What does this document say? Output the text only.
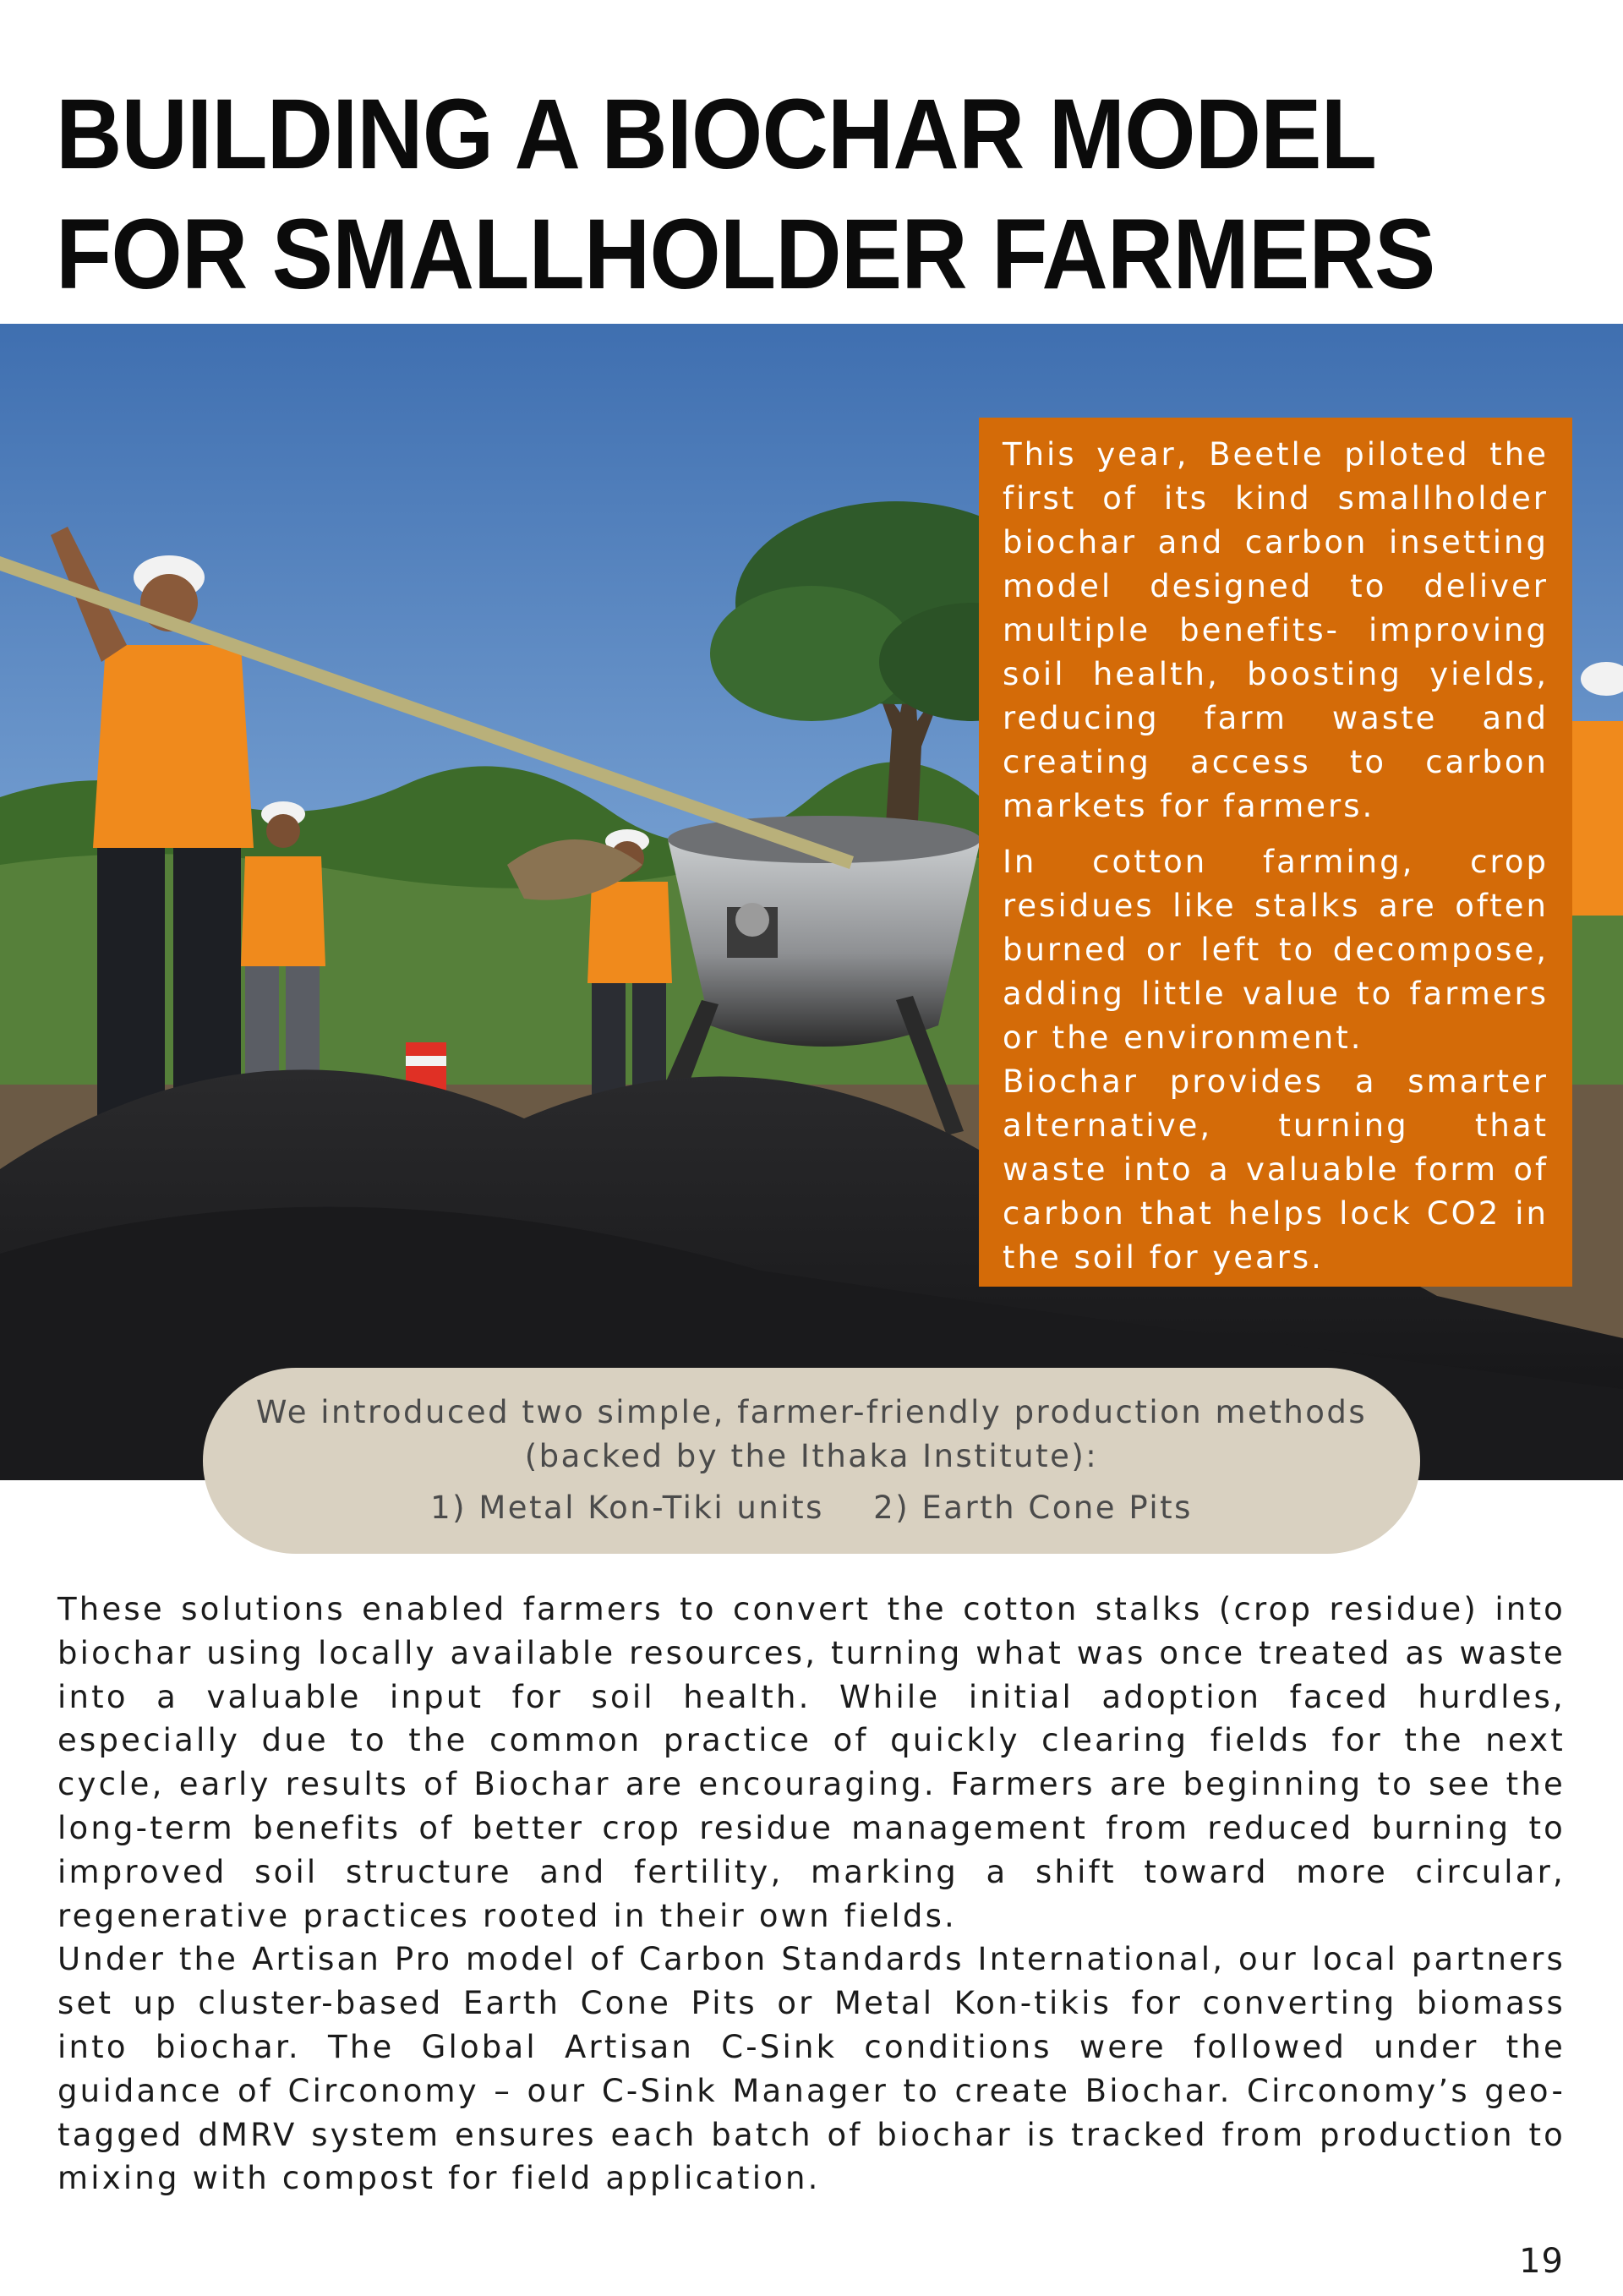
BUILDING A BIOCHAR MODEL
FOR SMALLHOLDER FARMERS

This year, Beetle piloted the first of its kind smallholder biochar and carbon insetting model designed to deliver multiple benefits- improving soil health, boosting yields, reducing farm waste and creating access to carbon markets for farmers.

In cotton farming, crop residues like stalks are often burned or left to decompose, adding little value to farmers or the environment.

Biochar provides a smarter alternative, turning that waste into a valuable form of carbon that helps lock CO2 in the soil for years.

We introduced two simple, farmer-friendly production methods (backed by the Ithaka Institute):
1) Metal Kon-Tiki units 2) Earth Cone Pits

These solutions enabled farmers to convert the cotton stalks (crop residue) into biochar using locally available resources, turning what was once treated as waste into a valuable input for soil health. While initial adoption faced hurdles, especially due to the common practice of quickly clearing fields for the next cycle, early results of Biochar are encouraging. Farmers are beginning to see the long-term benefits of better crop residue management from reduced burning to improved soil structure and fertility, marking a shift toward more circular, regenerative practices rooted in their own fields.

Under the Artisan Pro model of Carbon Standards International, our local partners set up cluster-based Earth Cone Pits or Metal Kon-tikis for converting biomass into biochar. The Global Artisan C-Sink conditions were followed under the guidance of Circonomy – our C-Sink Manager to create Biochar. Circonomy’s geo-tagged dMRV system ensures each batch of biochar is tracked from production to mixing with compost for field application.

19
